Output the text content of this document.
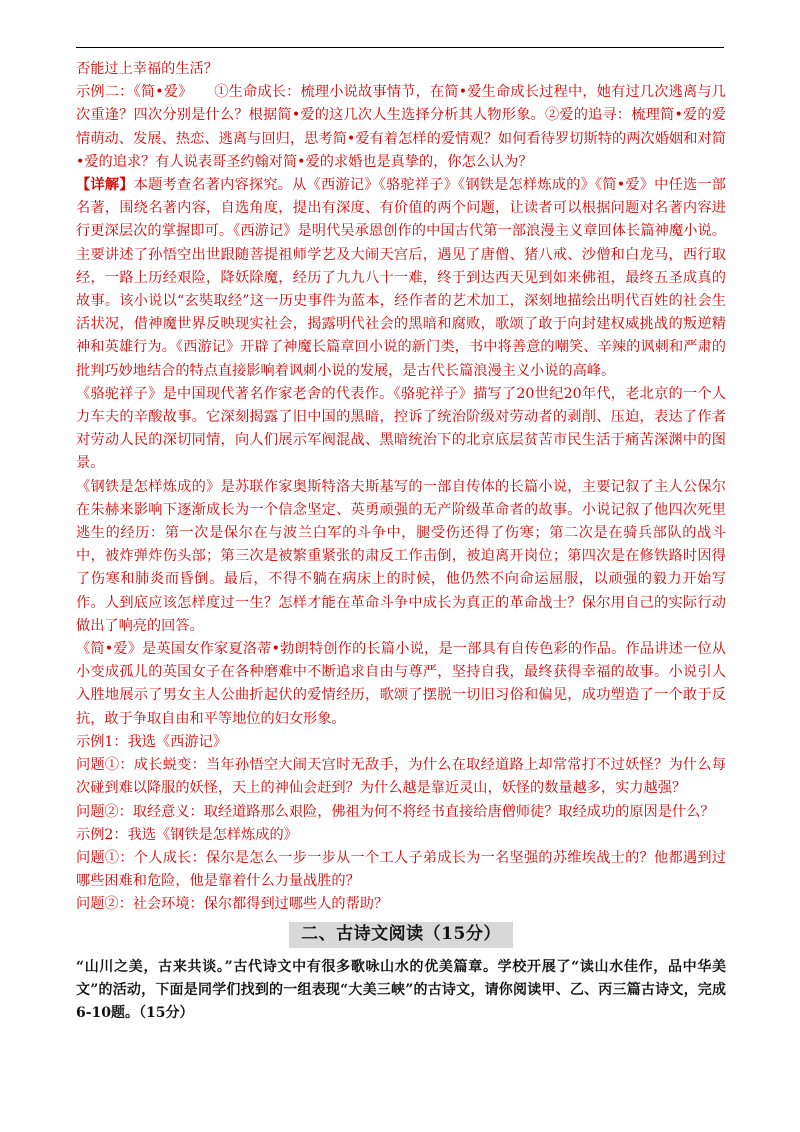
否能过上幸福的生活？

示例二：《简•爱》　　①生命成长：梳理小说故事情节，在简•爱生命成长过程中，她有过几次逃离与几次重逢？四次分别是什么？根据简•爱的这几次人生选择分析其人物形象。②爱的追寻：梳理简•爱的爱情萌动、发展、热恋、逃离与回归，思考简•爱有着怎样的爱情观？如何看待罗切斯特的两次婚姻和对简•爱的追求？有人说表哥圣约翰对简•爱的求婚也是真挚的，你怎么认为？

【详解】本题考查名著内容探究。从《西游记》《骆驼祥子》《钢铁是怎样炼成的》《简•爱》中任选一部名著，围绕名著内容，自选角度，提出有深度、有价值的两个问题，让读者可以根据问题对名著内容进行更深层次的掌握即可。《西游记》是明代吴承恩创作的中国古代第一部浪漫主义章回体长篇神魔小说。主要讲述了孙悟空出世跟随菩提祖师学艺及大闹天宫后，遇见了唐僧、猪八戒、沙僧和白龙马，西行取经，一路上历经艰险，降妖除魔，经历了九九八十一难，终于到达西天见到如来佛祖，最终五圣成真的故事。该小说以“玄奘取经”这一历史事件为蓝本，经作者的艺术加工，深刻地描绘出明代百姓的社会生活状况，借神魔世界反映现实社会，揭露明代社会的黑暗和腐败，歌颂了敢于向封建权威挑战的叛逆精神和英雄行为。《西游记》开辟了神魔长篇章回小说的新门类，书中将善意的嘲笑、辛辣的讽刺和严肃的批判巧妙地结合的特点直接影响着讽刺小说的发展，是古代长篇浪漫主义小说的高峰。

《骆驼祥子》是中国现代著名作家老舍的代表作。《骆驼祥子》描写了20世纪20年代，老北京的一个人力车夫的辛酸故事。它深刻揭露了旧中国的黑暗，控诉了统治阶级对劳动者的剥削、压迫，表达了作者对劳动人民的深切同情，向人们展示军阀混战、黑暗统治下的北京底层贫苦市民生活于痛苦深渊中的图景。

《钢铁是怎样炼成的》是苏联作家奥斯特洛夫斯基写的一部自传体的长篇小说，主要记叙了主人公保尔在朱赫来影响下逐渐成长为一个信念坚定、英勇顽强的无产阶级革命者的故事。小说记叙了他四次死里逃生的经历：第一次是保尔在与波兰白军的斗争中，腿受伤还得了伤寒；第二次是在骑兵部队的战斗中，被炸弹炸伤头部；第三次是被繁重紧张的肃反工作击倒，被迫离开岗位；第四次是在修铁路时因得了伤寒和肺炎而昏倒。最后，不得不躺在病床上的时候，他仍然不向命运屈服，以顽强的毅力开始写作。人到底应该怎样度过一生？怎样才能在革命斗争中成长为真正的革命战士？保尔用自己的实际行动做出了响亮的回答。

《简•爱》是英国女作家夏洛蒂•勃朗特创作的长篇小说，是一部具有自传色彩的作品。作品讲述一位从小变成孤儿的英国女子在各种磨难中不断追求自由与尊严，坚持自我，最终获得幸福的故事。小说引人入胜地展示了男女主人公曲折起伏的爱情经历，歌颂了摆脱一切旧习俗和偏见，成功塑造了一个敢于反抗，敢于争取自由和平等地位的妇女形象。

示例1：我选《西游记》

问题①：成长蜕变：当年孙悟空大闹天宫时无敌手，为什么在取经道路上却常常打不过妖怪？为什么每次碰到难以降服的妖怪，天上的神仙会赶到？为什么越是靠近灵山，妖怪的数量越多，实力越强？

问题②：取经意义：取经道路那么艰险，佛祖为何不将经书直接给唐僧师徒？取经成功的原因是什么？

示例2：我选《钢铁是怎样炼成的》

问题①：个人成长：保尔是怎么一步一步从一个工人子弟成长为一名坚强的苏维埃战士的？他都遇到过哪些困难和危险，他是靠着什么力量战胜的？

问题②：社会环境：保尔都得到过哪些人的帮助？

二、古诗文阅读（15分）

“山川之美，古来共谈。”古代诗文中有很多歌咏山水的优美篇章。学校开展了“读山水佳作，品中华美文”的活动，下面是同学们找到的一组表现“大美三峡”的古诗文，请你阅读甲、乙、丙三篇古诗文，完成6-10题。（15分）
